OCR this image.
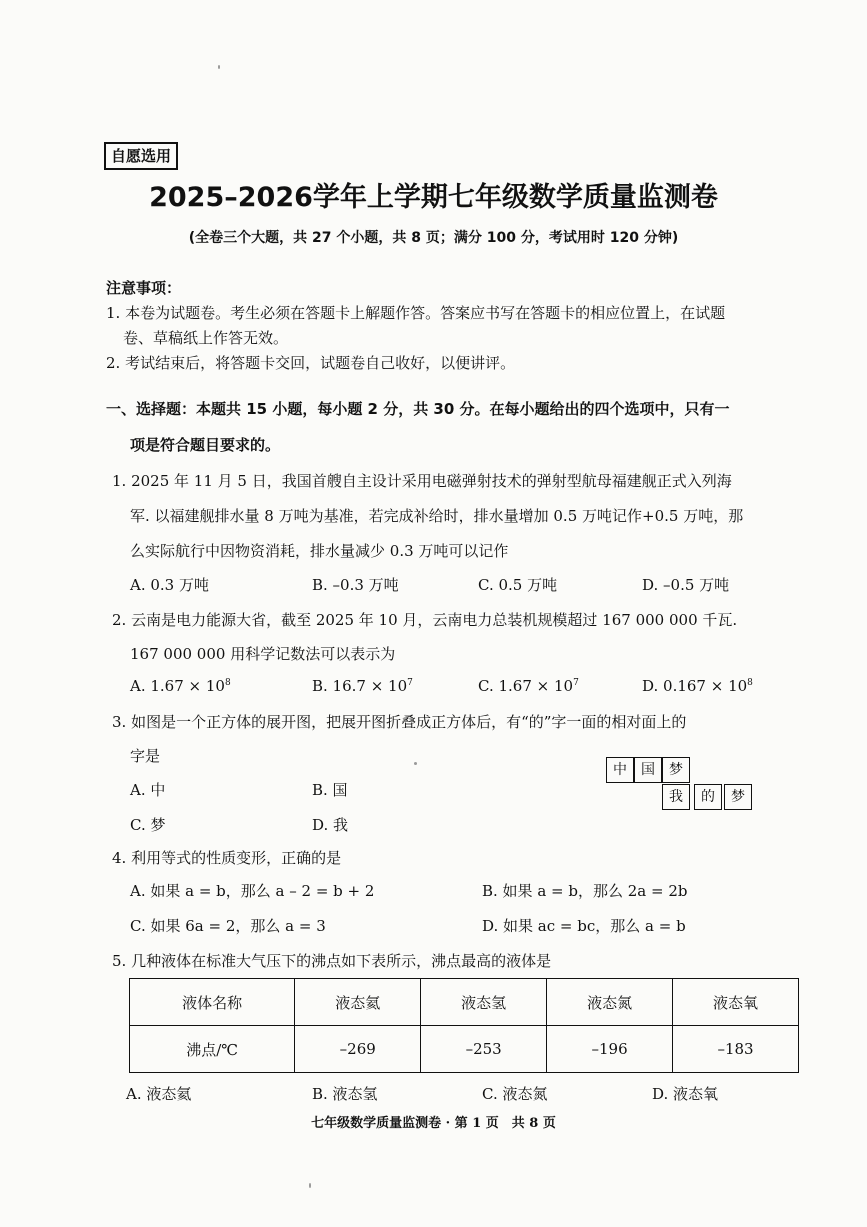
自愿选用
2025–2026学年上学期七年级数学质量监测卷
(全卷三个大题，共 27 个小题，共 8 页；满分 100 分，考试用时 120 分钟)
注意事项：
1. 本卷为试题卷。考生必须在答题卡上解题作答。答案应书写在答题卡的相应位置上，在试题
卷、草稿纸上作答无效。
2. 考试结束后，将答题卡交回，试题卷自己收好，以便讲评。
一、选择题：本题共 15 小题，每小题 2 分，共 30 分。在每小题给出的四个选项中，只有一
项是符合题目要求的。
1. 2025 年 11 月 5 日，我国首艘自主设计采用电磁弹射技术的弹射型航母福建舰正式入列海
军. 以福建舰排水量 8 万吨为基准，若完成补给时，排水量增加 0.5 万吨记作+0.5 万吨，那
么实际航行中因物资消耗，排水量减少 0.3 万吨可以记作
A. 0.3 万吨	B. –0.3 万吨	C. 0.5 万吨	D. –0.5 万吨
2. 云南是电力能源大省，截至 2025 年 10 月，云南电力总装机规模超过 167 000 000 千瓦.
167 000 000 用科学记数法可以表示为
A. $1.67 \times 10^8$	B. $16.7 \times 10^7$	C. $1.67 \times 10^7$	D. $0.167 \times 10^8$
3. 如图是一个正方体的展开图，把展开图折叠成正方体后，有“的”字一面的相对面上的
字是
A. 中	B. 国
C. 梦	D. 我
中	国	梦
我	的	梦
4. 利用等式的性质变形，正确的是
A. 如果 a = b，那么 a – 2 = b + 2	B. 如果 a = b，那么 2a = 2b
C. 如果 6a = 2，那么 a = 3	D. 如果 ac = bc，那么 a = b
5. 几种液体在标准大气压下的沸点如下表所示，沸点最高的液体是
液体名称	液态氦	液态氢	液态氮	液态氧
沸点/℃	–269	–253	–196	–183
A. 液态氦	B. 液态氢	C. 液态氮	D. 液态氧
七年级数学质量监测卷 · 第 1 页　共 8 页
